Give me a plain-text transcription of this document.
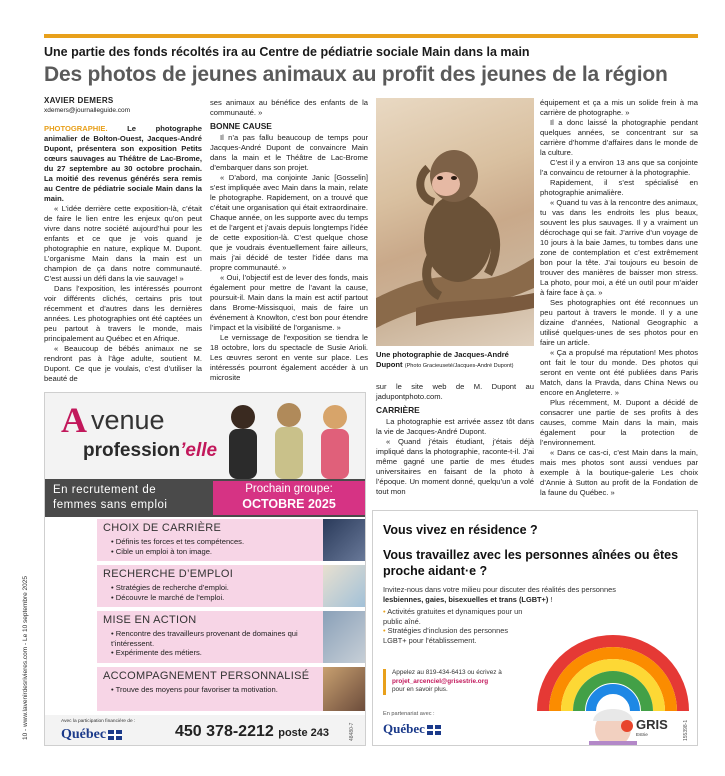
Une partie des fonds récoltés ira au Centre de pédiatrie sociale Main dans la main
Des photos de jeunes animaux au profit des jeunes de la région
XAVIER DEMERS
xdemers@journalleguide.com

PHOTOGRAPHIE.	Le photographe animalier de Bolton-Ouest, Jacques-André Dupont, présentera son exposition Petits cœurs sauvages au Théâtre de Lac-Brome, du 27 septembre au 30 octobre prochain. La moitié des revenus générés sera remis au Centre de pédiatrie sociale Main dans la main.

« L’idée derrière cette exposition-là, c’était de faire le lien entre les enjeux qu’on peut vivre dans notre société aujourd’hui pour les enfants et ce que je vois quand je photographie en nature, explique M. Dupont. L’organisme Main dans la main est un champion de ça dans notre communauté. C’est aussi un défi dans la vie sauvage! »

Dans l’exposition, les intéressés pourront voir différents clichés, certains pris tout récemment et d’autres dans les dernières années. Les photographies ont été captées un peu partout à travers le monde, mais principalement au Québec et en Afrique.

« Beaucoup de bébés animaux ne se rendront pas à l’âge adulte, soutient M. Dupont. Ce que je voulais, c’est d’utiliser la beauté de

ses animaux au bénéfice des enfants de la communauté. »

BONNE CAUSE

Il n’a pas fallu beaucoup de temps pour Jacques-André Dupont de convaincre Main dans la main et le Théâtre de Lac-Brome d’embarquer dans son projet.

« D’abord, ma conjointe Janic [Gosselin] s’est impliquée avec Main dans la main, relate le photographe. Rapidement, on a trouvé que c’était une organisation qui était extraordinaire. Chaque année, on les supporte avec du temps et de l’argent et j’avais depuis longtemps l’idée de cette exposition-là. C’est quelque chose que je voudrais éventuellement faire ailleurs, mais j’ai décidé de tester l’idée dans ma propre communauté. »

« Oui, l’objectif est de lever des fonds, mais également pour mettre de l’avant la cause, poursuit-il. Main dans la main est actif partout dans Brome-Missisquoi, mais de faire un événement à Knowlton, c’est bon pour étendre l’impact et la visibilité de l’organisme. »

Le vernissage de l’exposition se tiendra le 18 octobre, lors du spectacle de Susie Arioli. Les œuvres seront en vente sur place. Les intéressés pourront également accéder à un microsite

Une photographie de Jacques-André Dupont (Photo Gracieuseté/Jacques-André Dupont)

sur le site web de M. Dupont au jadupontphoto.com.

CARRIÈRE

La photographie est arrivée assez tôt dans la vie de Jacques-André Dupont.

« Quand j’étais étudiant, j’étais déjà impliqué dans la photographie, raconte-t-il. J’ai même gagné une partie de mes études universitaires en faisant de la photo à l’époque. Un moment donné, quelqu’un a volé tout mon

équipement et ça a mis un solide frein à ma carrière de photographe. »

Il a donc laissé la photographie pendant quelques années, se concentrant sur sa carrière d’homme d’affaires dans le monde de la culture.

C’est il y a environ 13 ans que sa conjointe l’a convaincu de retourner à la photographie.

Rapidement, il s’est spécialisé en photographie animalière.

« Quand tu vas à la rencontre des animaux, tu vas dans les endroits les plus beaux, souvent les plus sauvages. Il y a vraiment un décrochage qui se fait. J’arrive d’un voyage de 10 jours à la baie James, tu tombes dans une zone de contemplation et c’est extrêmement bon pour la tête. J’ai toujours eu besoin de trouver des manières de baisser mon stress. La photo, pour moi, a été un outil pour m’aider à faire face à ça. »

Ses photographies ont été reconnues un peu partout à travers le monde. Il y a une dizaine d’années, National Geographic a utilisé quelques-unes de ses photos pour en faire un article.

« Ça a propulsé ma réputation! Mes photos ont fait le tour du monde. Des photos qui seront en vente ont été publiées dans Paris Match, dans la Pravda, dans China News ou encore en Angleterre. »

Plus récemment, M. Dupont a décidé de consacrer une partie de ses profits à des causes, comme Main dans la main, mais également pour la protection de l’environnement.

« Dans ce cas-ci, c’est Main dans la main, mais mes photos sont aussi vendues par exemple à la boutique-galerie Les choix d’Annie à Sutton au profit de la Fondation de la faune du Québec. »

A venue
profession’elle
En recrutement de
femmes sans emploi
Prochain groupe:
OCTOBRE 2025
CHOIX DE CARRIÈRE
• Définis tes forces et tes compétences.
• Cible un emploi à ton image.
RECHERCHE D’EMPLOI
• Stratégies de recherche d’emploi.
• Découvre le marché de l’emploi.
MISE EN ACTION
• Rencontre des travailleurs provenant de domaines qui t’intéressent.
• Expérimente des métiers.
ACCOMPAGNEMENT PERSONNALISÉ
• Trouve des moyens pour favoriser ta motivation.
Avec la participation financière de :
Québec	450 378-2212 poste 243	48480-7
Vous vivez en résidence ?
Vous travaillez avec les personnes aînées ou êtes proche aidant·e ?
Invitez-nous dans votre milieu pour discuter des réalités des personnes lesbiennes, gaies, bisexuelles et trans (LGBT+) !
• Activités gratuites et dynamiques pour un public aîné.
• Stratégies d’inclusion des personnes LGBT+ pour l’établissement.
Appelez au 819-434-6413 ou écrivez à
projet_arcenciel@grisestrie.org
pour en savoir plus.
En partenariat avec :
Québec	GRIS
Estrie	155398-1
10 - www.lavenirdesrivieres.com - Le 10 septembre 2025
